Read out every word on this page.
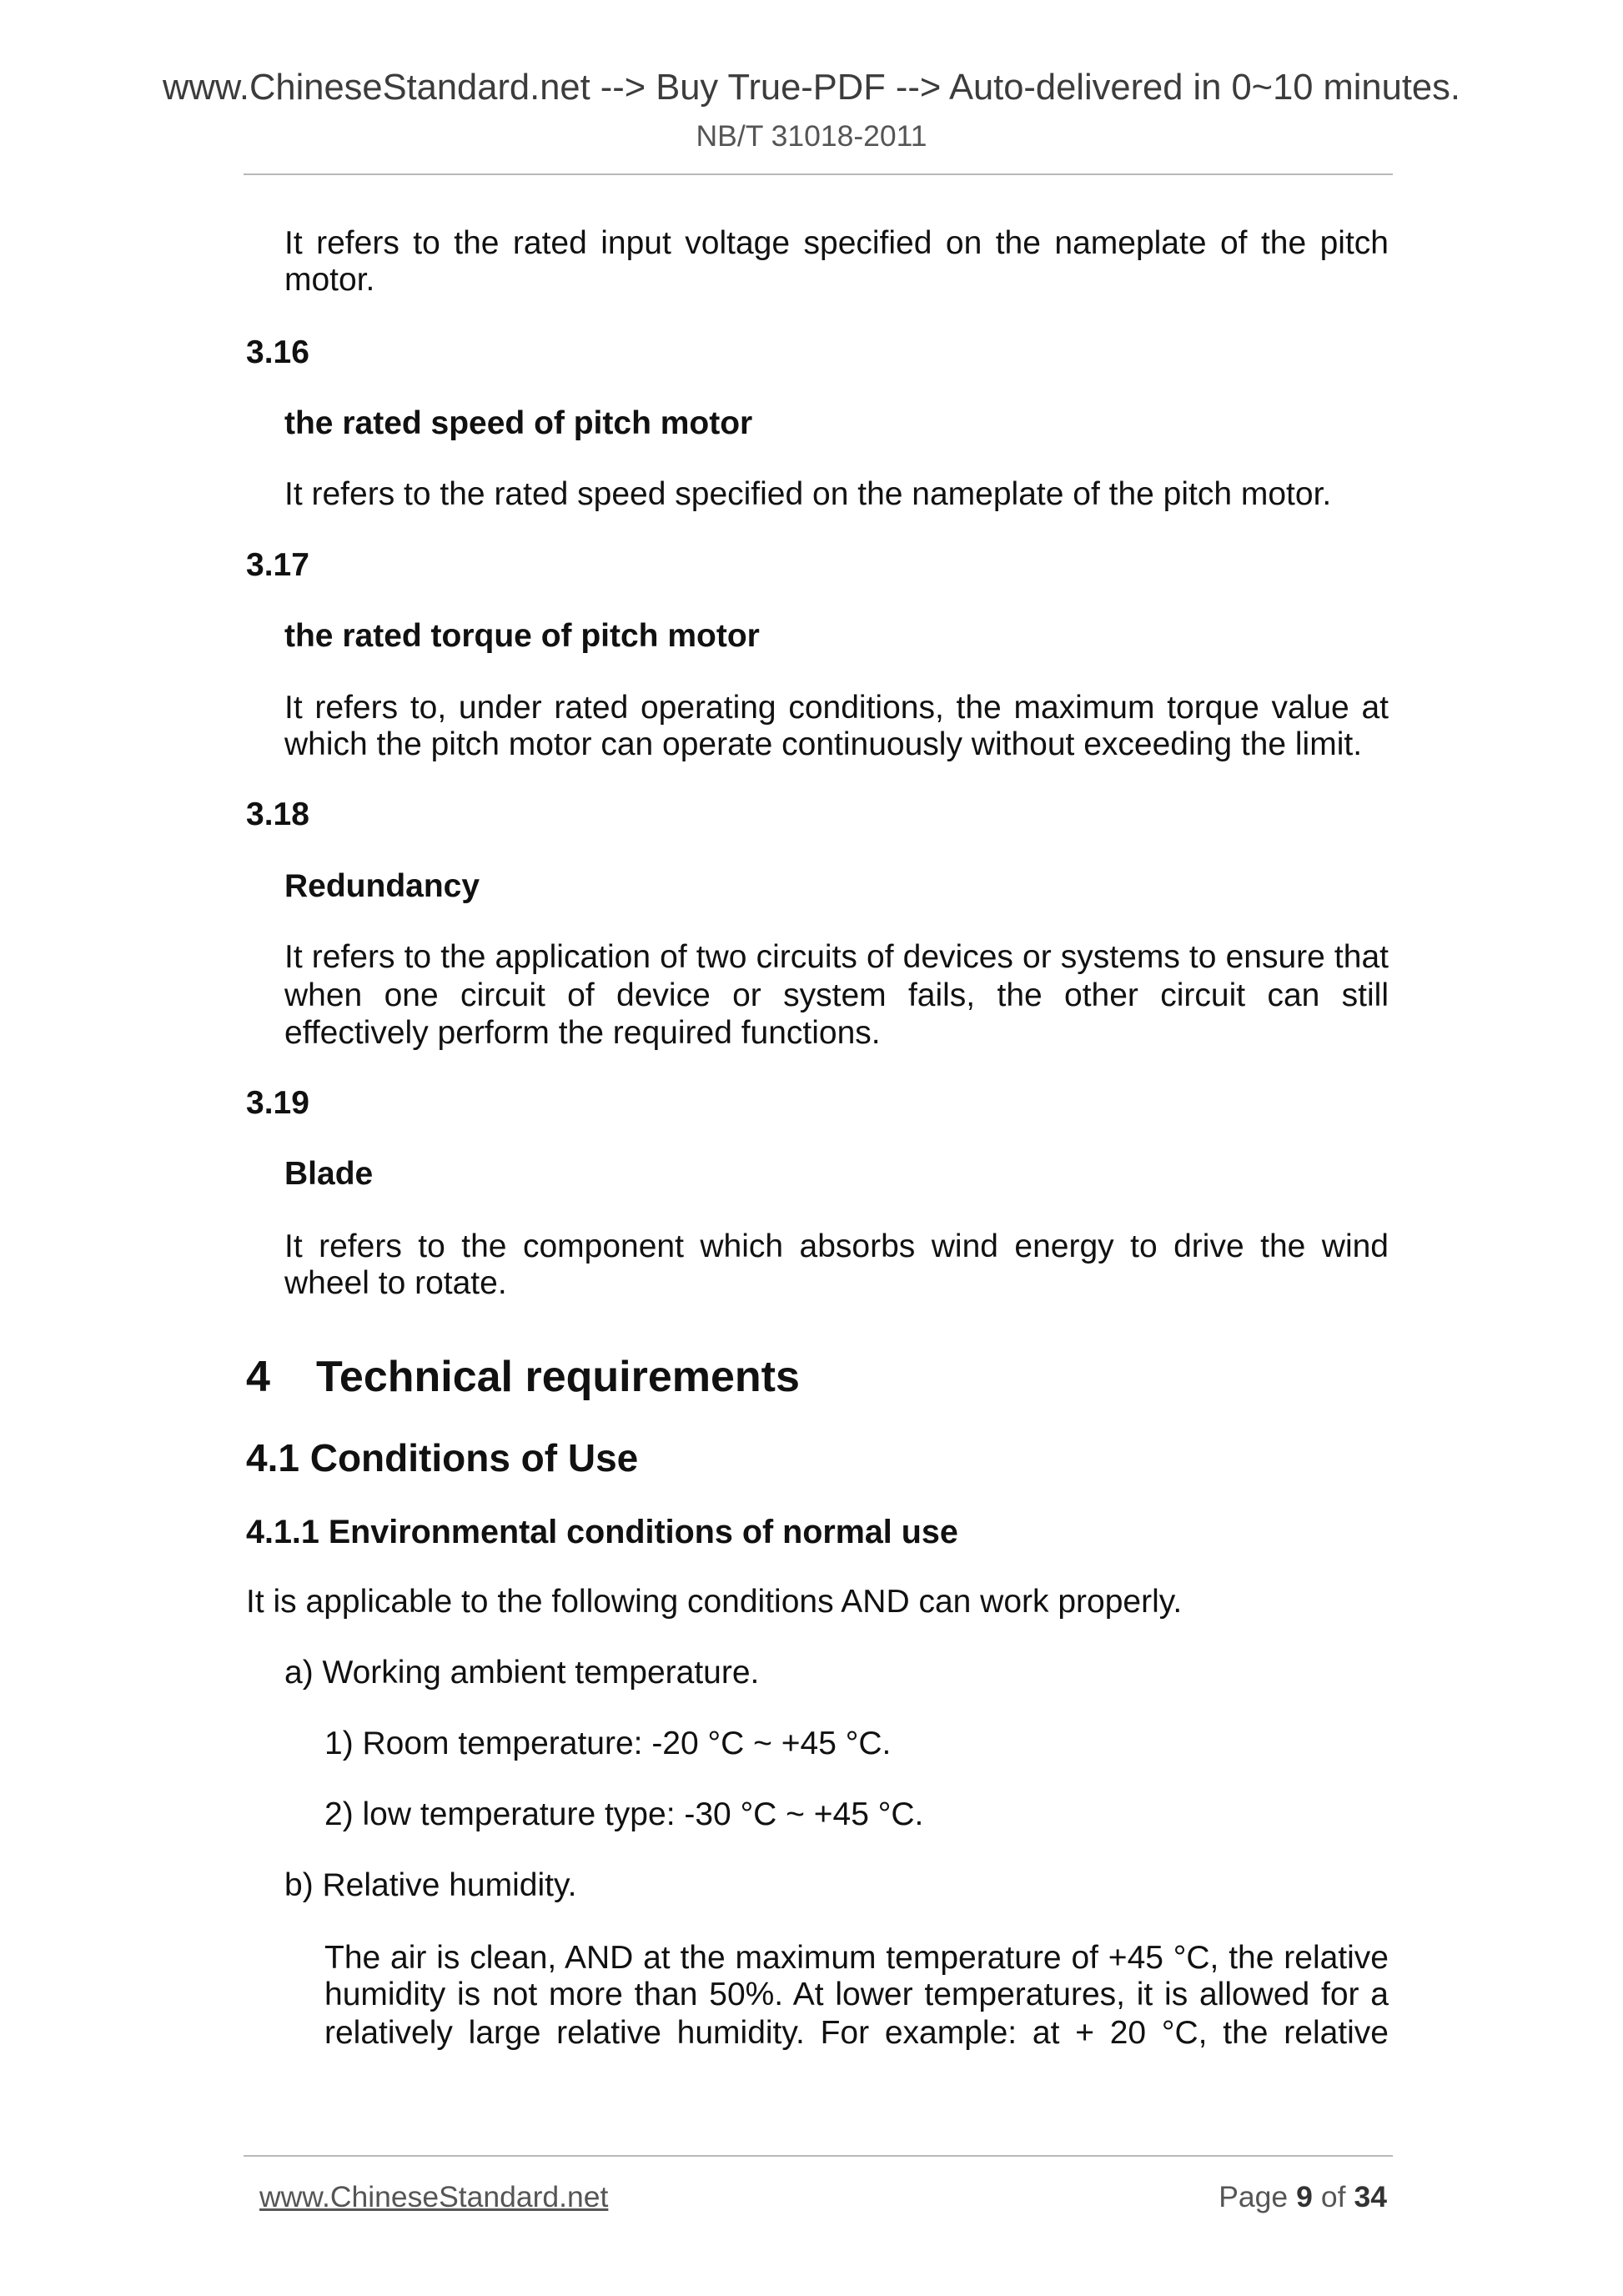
www.ChineseStandard.net --> Buy True-PDF --> Auto-delivered in 0~10 minutes.
NB/T 31018-2011
It refers to the rated input voltage specified on the nameplate of the pitch
motor.
3.16
the rated speed of pitch motor
It refers to the rated speed specified on the nameplate of the pitch motor.
3.17
the rated torque of pitch motor
It refers to, under rated operating conditions, the maximum torque value at
which the pitch motor can operate continuously without exceeding the limit.
3.18
Redundancy
It refers to the application of two circuits of devices or systems to ensure that
when one circuit of device or system fails, the other circuit can still
effectively perform the required functions.
3.19
Blade
It refers to the component which absorbs wind energy to drive the wind
wheel to rotate.
4 Technical requirements
4.1 Conditions of Use
4.1.1 Environmental conditions of normal use
It is applicable to the following conditions AND can work properly.
a) Working ambient temperature.
1) Room temperature: -20 °C ~ +45 °C.
2) low temperature type: -30 °C ~ +45 °C.
b) Relative humidity.
The air is clean, AND at the maximum temperature of +45 °C, the relative
humidity is not more than 50%. At lower temperatures, it is allowed for a
relatively large relative humidity. For example: at + 20 °C, the relative
www.ChineseStandard.net	Page 9 of 34
